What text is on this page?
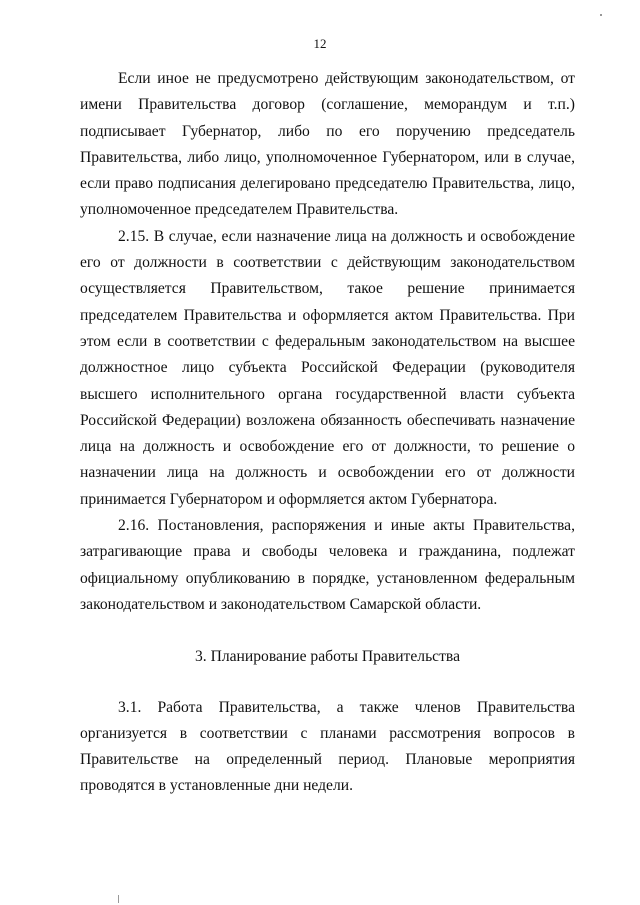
12

Если иное не предусмотрено действующим законодательством, от имени Правительства договор (соглашение, меморандум и т.п.) подписывает Губернатор, либо по его поручению председатель Правительства, либо лицо, уполномоченное Губернатором, или в случае, если право подписания делегировано председателю Правительства, лицо, уполномоченное председателем Правительства.

2.15. В случае, если назначение лица на должность и освобождение его от должности в соответствии с действующим законодательством осуществляется Правительством, такое решение принимается председателем Правительства и оформляется актом Правительства. При этом если в соответствии с федеральным законодательством на высшее должностное лицо субъекта Российской Федерации (руководителя высшего исполнительного органа государственной власти субъекта Российской Федерации) возложена обязанность обеспечивать назначение лица на должность и освобождение его от должности, то решение о назначении лица на должность и освобождении его от должности принимается Губернатором и оформляется актом Губернатора.

2.16. Постановления, распоряжения и иные акты Правительства, затрагивающие права и свободы человека и гражданина, подлежат официальному опубликованию в порядке, установленном федеральным законодательством и законодательством Самарской области.

3. Планирование работы Правительства

3.1. Работа Правительства, а также членов Правительства организуется в соответствии с планами рассмотрения вопросов в Правительстве на определенный период. Плановые мероприятия проводятся в установленные дни недели.
